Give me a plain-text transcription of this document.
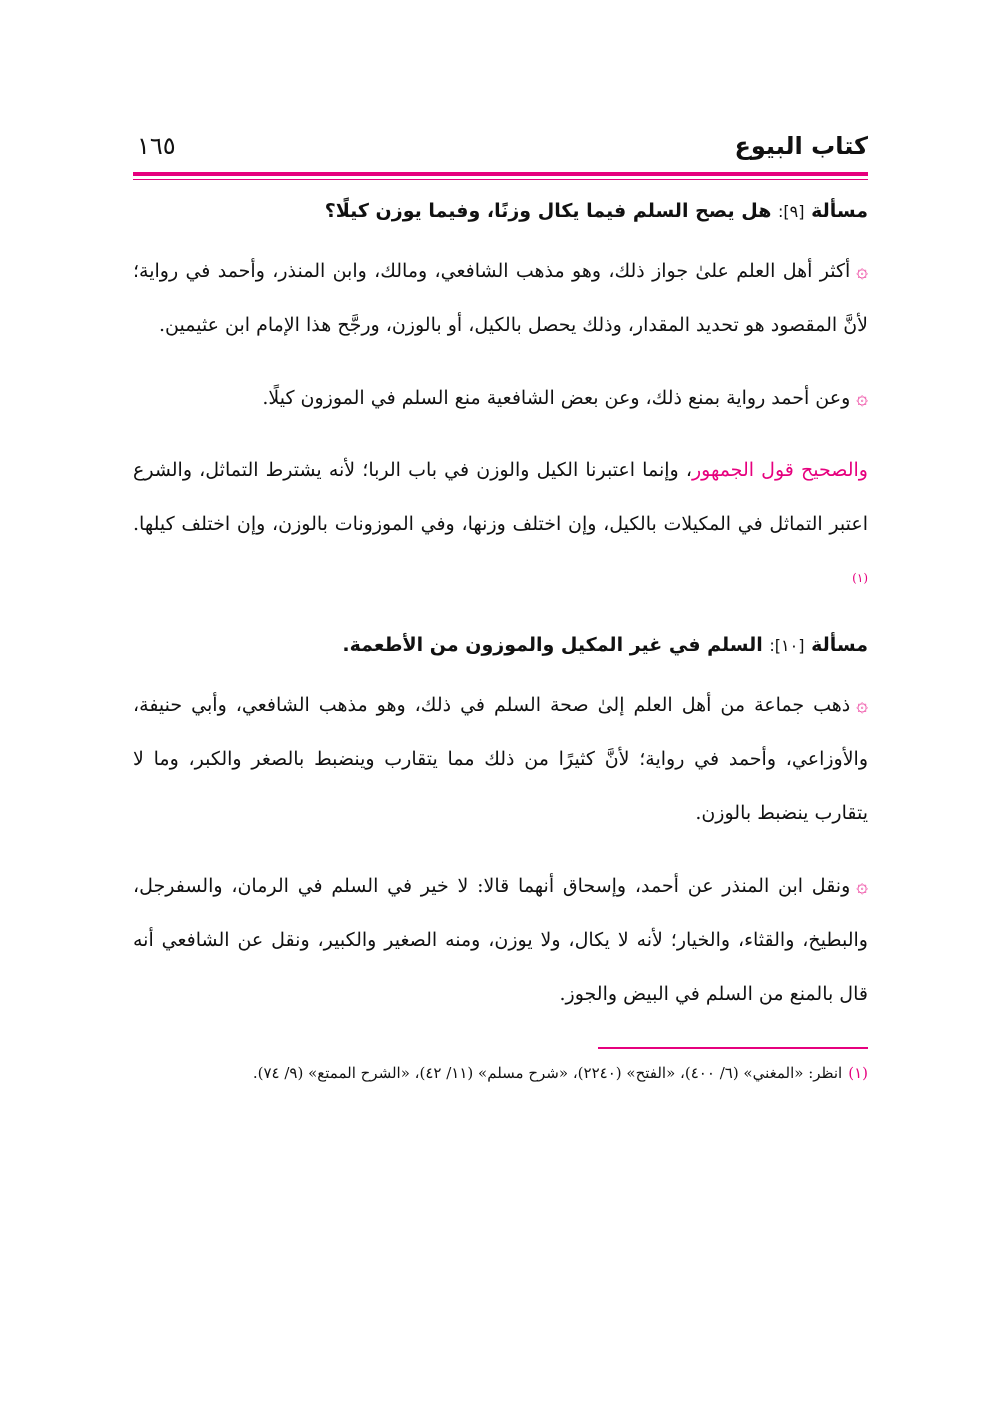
كتاب البيوع
١٦٥
مسألة [٩]: هل يصح السلم فيما يكال وزنًا، وفيما يوزن كيلًا؟

۞أكثر أهل العلم علىٰ جواز ذلك، وهو مذهب الشافعي، ومالك، وابن المنذر، وأحمد في رواية؛ لأنَّ المقصود هو تحديد المقدار، وذلك يحصل بالكيل، أو بالوزن، ورجَّح هذا الإمام ابن عثيمين.

۞وعن أحمد رواية بمنع ذلك، وعن بعض الشافعية منع السلم في الموزون كيلًا.

والصحيح قول الجمهور، وإنما اعتبرنا الكيل والوزن في باب الربا؛ لأنه يشترط التماثل، والشرع اعتبر التماثل في المكيلات بالكيل، وإن اختلف وزنها، وفي الموزونات بالوزن، وإن اختلف كيلها.$^{(١)}$

مسألة [١٠]: السلم في غير المكيل والموزون من الأطعمة.

۞ذهب جماعة من أهل العلم إلىٰ صحة السلم في ذلك، وهو مذهب الشافعي، وأبي حنيفة، والأوزاعي، وأحمد في رواية؛ لأنَّ كثيرًا من ذلك مما يتقارب وينضبط بالصغر والكبر، وما لا يتقارب ينضبط بالوزن.

۞ونقل ابن المنذر عن أحمد، وإسحاق أنهما قالا: لا خير في السلم في الرمان، والسفرجل، والبطيخ، والقثاء، والخيار؛ لأنه لا يكال، ولا يوزن، ومنه الصغير والكبير، ونقل عن الشافعي أنه قال بالمنع من السلم في البيض والجوز.

(١)انظر: «المغني» (٦/ ٤٠٠)، «الفتح» (٢٢٤٠)، «شرح مسلم» (١١/ ٤٢)، «الشرح الممتع» (٩/ ٧٤).
